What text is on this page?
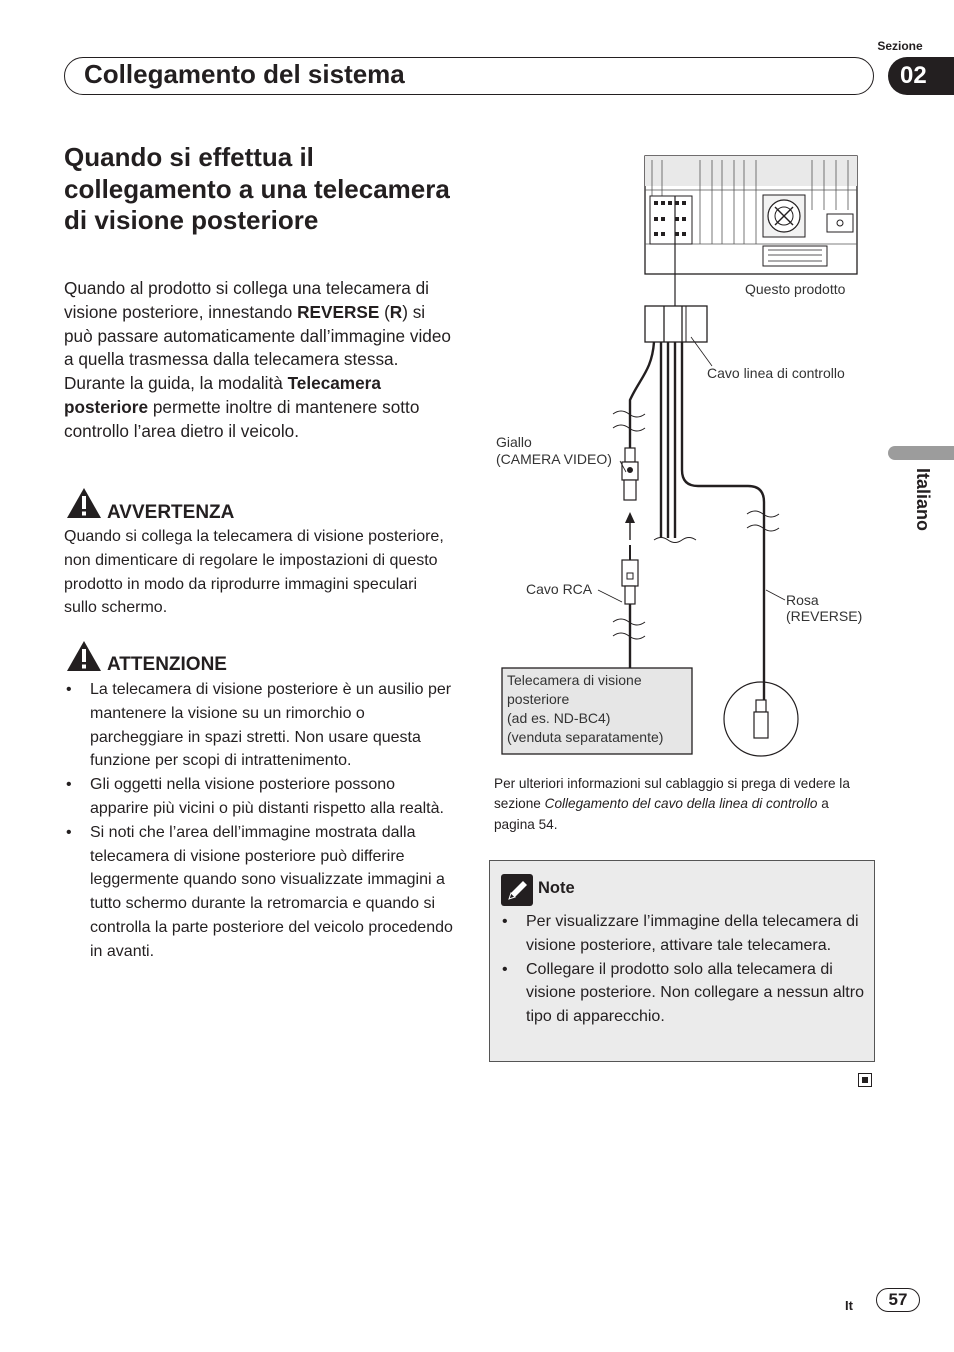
Collegamento del sistema
Sezione
02
Italiano
Quando si effettua il collegamento a una telecamera di visione posteriore

Quando al prodotto si collega una telecamera di visione posteriore, innestando REVERSE (R) si può passare automaticamente dall’immagine video a quella trasmessa dalla telecamera stessa. Durante la guida, la modalità Telecamera posteriore permette inoltre di mantenere sotto controllo l’area dietro il veicolo.

AVVERTENZA

Quando si collega la telecamera di visione posteriore, non dimenticare di regolare le impostazioni di questo prodotto in modo da riprodurre immagini speculari sullo schermo.

ATTENZIONE
• La telecamera di visione posteriore è un ausilio per mantenere la visione su un rimorchio o parcheggiare in spazi stretti. Non usare questa funzione per scopi di intrattenimento.
• Gli oggetti nella visione posteriore possono apparire più vicini o più distanti rispetto alla realtà.
• Si noti che l’area dell’immagine mostrata dalla telecamera di visione posteriore può differire leggermente quando sono visualizzate immagini a tutto schermo durante la retromarcia e quando si controlla la parte posteriore del veicolo procedendo in avanti.
Questo prodotto
Cavo linea di controllo
Giallo
(CAMERA VIDEO)
Cavo RCA
Rosa
(REVERSE)
Telecamera di visione
posteriore
(ad es. ND-BC4)
(venduta separatamente)

Per ulteriori informazioni sul cablaggio si prega di vedere la sezione Collegamento del cavo della linea di controllo a pagina 54.

Note
• Per visualizzare l’immagine della telecamera di visione posteriore, attivare tale telecamera.
• Collegare il prodotto solo alla telecamera di visione posteriore. Non collegare a nessun altro tipo di apparecchio.
It	57
